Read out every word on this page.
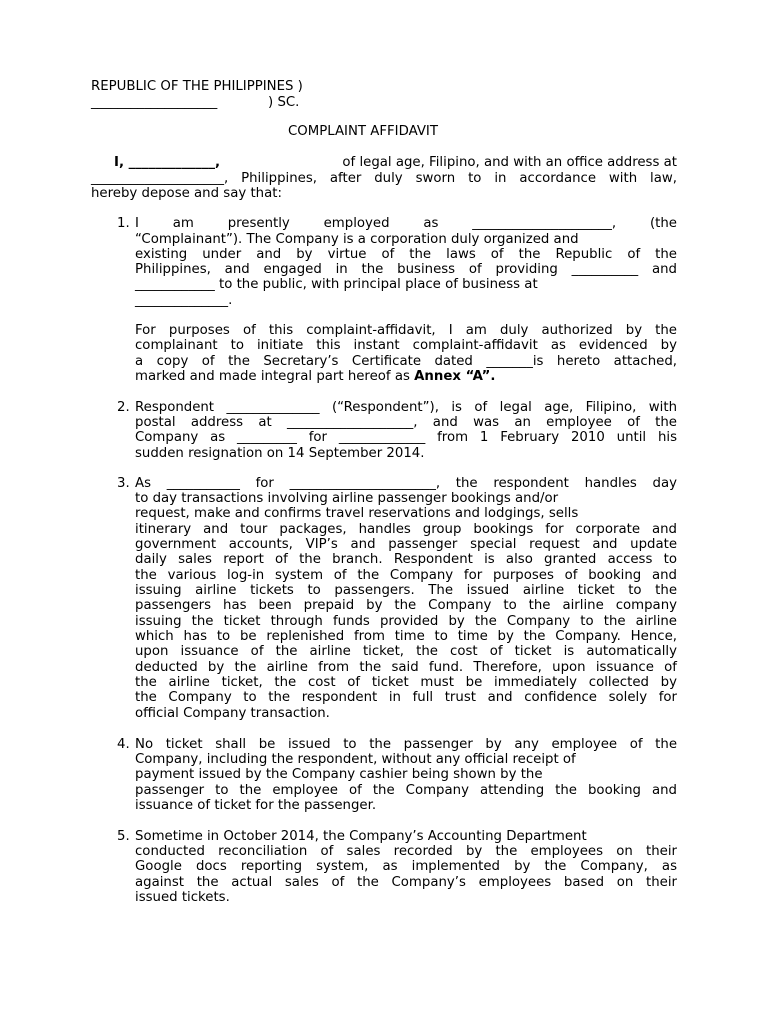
REPUBLIC OF THE PHILIPPINES )
___________________            ) SC.
COMPLAINT AFFIDAVIT
I, _____________,	of legal age, Filipino, and with an office address at
____________________, Philippines, after duly sworn to in accordance with law,
hereby depose and say that:
1. I	am	presently	employed	as	_____________________,	(the
“Complainant”). The Company is a corporation duly organized and
existing under and by virtue of the laws of the Republic of the
Philippines, and engaged in the business of providing __________ and
____________ to the public, with principal place of business at
______________.
For purposes of this complaint-affidavit, I am duly authorized by the
complainant to initiate this instant complaint-affidavit as evidenced by
a copy of the Secretary’s Certificate dated _______is hereto attached,
marked and made integral part hereof as Annex “A”.
2. Respondent ______________ (“Respondent”), is of legal age, Filipino, with
postal address at ___________________, and was an employee of the
Company as _________ for _____________ from 1 February 2010 until his
sudden resignation on 14 September 2014.
3. As ___________ for ______________________, the respondent handles day
to day transactions involving airline passenger bookings and/or
request, make and confirms travel reservations and lodgings, sells
itinerary and tour packages, handles group bookings for corporate and
government accounts, VIP’s and passenger special request and update
daily sales report of the branch. Respondent is also granted access to
the various log-in system of the Company for purposes of booking and
issuing airline tickets to passengers. The issued airline ticket to the
passengers has been prepaid by the Company to the airline company
issuing the ticket through funds provided by the Company to the airline
which has to be replenished from time to time by the Company. Hence,
upon issuance of the airline ticket, the cost of ticket is automatically
deducted by the airline from the said fund. Therefore, upon issuance of
the airline ticket, the cost of ticket must be immediately collected by
the Company to the respondent in full trust and confidence solely for
official Company transaction.
4. No ticket shall be issued to the passenger by any employee of the
Company, including the respondent, without any official receipt of
payment issued by the Company cashier being shown by the
passenger to the employee of the Company attending the booking and
issuance of ticket for the passenger.
5. Sometime in October 2014, the Company’s Accounting Department
conducted reconciliation of sales recorded by the employees on their
Google docs reporting system, as implemented by the Company, as
against the actual sales of the Company’s employees based on their
issued tickets.
